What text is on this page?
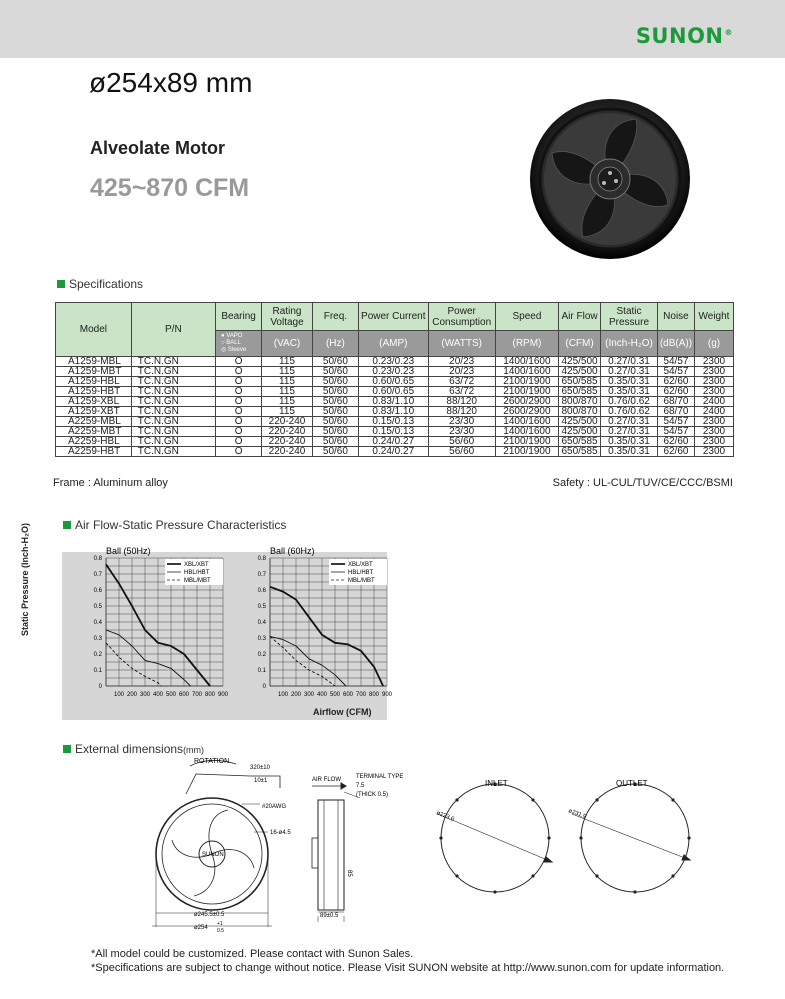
SUNON®
ø254x89 mm
Alveolate Motor
425~870 CFM
Specifications
Model	P/N	Bearing	Rating Voltage	Freq.	Power Current	Power Consumption	Speed	Air Flow	Static Pressure	Noise	Weight

		● VAPO
○ BALL
◎ Sleeve	(VAC)	(Hz)	(AMP)	(WATTS)	(RPM)	(CFM)	(Inch-H₂O)	(dB(A))	(g)
A1259-MBL	TC.N.GN	O	115	50/60	0.23/0.23	20/23	1400/1600	425/500	0.27/0.31	54/57	2300
A1259-MBT	TC.N.GN	O	115	50/60	0.23/0.23	20/23	1400/1600	425/500	0.27/0.31	54/57	2300
A1259-HBL	TC.N.GN	O	115	50/60	0.60/0.65	63/72	2100/1900	650/585	0.35/0.31	62/60	2300
A1259-HBT	TC.N.GN	O	115	50/60	0.60/0.65	63/72	2100/1900	650/585	0.35/0.31	62/60	2300
A1259-XBL	TC.N.GN	O	115	50/60	0.83/1.10	88/120	2600/2900	800/870	0.76/0.62	68/70	2400
A1259-XBT	TC.N.GN	O	115	50/60	0.83/1.10	88/120	2600/2900	800/870	0.76/0.62	68/70	2400
A2259-MBL	TC.N.GN	O	220-240	50/60	0.15/0.13	23/30	1400/1600	425/500	0.27/0.31	54/57	2300
A2259-MBT	TC.N.GN	O	220-240	50/60	0.15/0.13	23/30	1400/1600	425/500	0.27/0.31	54/57	2300
A2259-HBL	TC.N.GN	O	220-240	50/60	0.24/0.27	56/60	2100/1900	650/585	0.35/0.31	62/60	2300
A2259-HBT	TC.N.GN	O	220-240	50/60	0.24/0.27	56/60	2100/1900	650/585	0.35/0.31	62/60	2300
Frame : Aluminum alloy	Safety : UL-CUL/TUV/CE/CCC/BSMI
Air Flow-Static Pressure Characteristics
Static Pressure (Inch-H₂O)
Airflow (CFM)
Ball (50Hz)
0.8
0.7
0.6
0.5
0.4
0.3
0.2
0.1
0
100 200 300 400 500 600 700 800 900
XBL/XBT
HBL/HBT
MBL/MBT
Ball (60Hz)
0.8
0.7
0.6
0.5
0.4
0.3
0.2
0.1
0
100 200 300 400 500 600 700 800 900
XBL/XBT
HBL/HBT
MBL/MBT
External dimensions(mm)
ROTATION
320±10
10±1
#20AWG
16-ø4.5
SUNON
ø245.5±0.5
ø254
+1
0.5
AIR FLOW TERMINAL TYPE
7.5
(THICK 0.5)
89±0.5
85
INLET
ø223.6
OUTLET
ø231.9
*All model could be customized. Please contact with Sunon Sales.
*Specifications are subject to change without notice. Please Visit SUNON website at http://www.sunon.com for update information.
